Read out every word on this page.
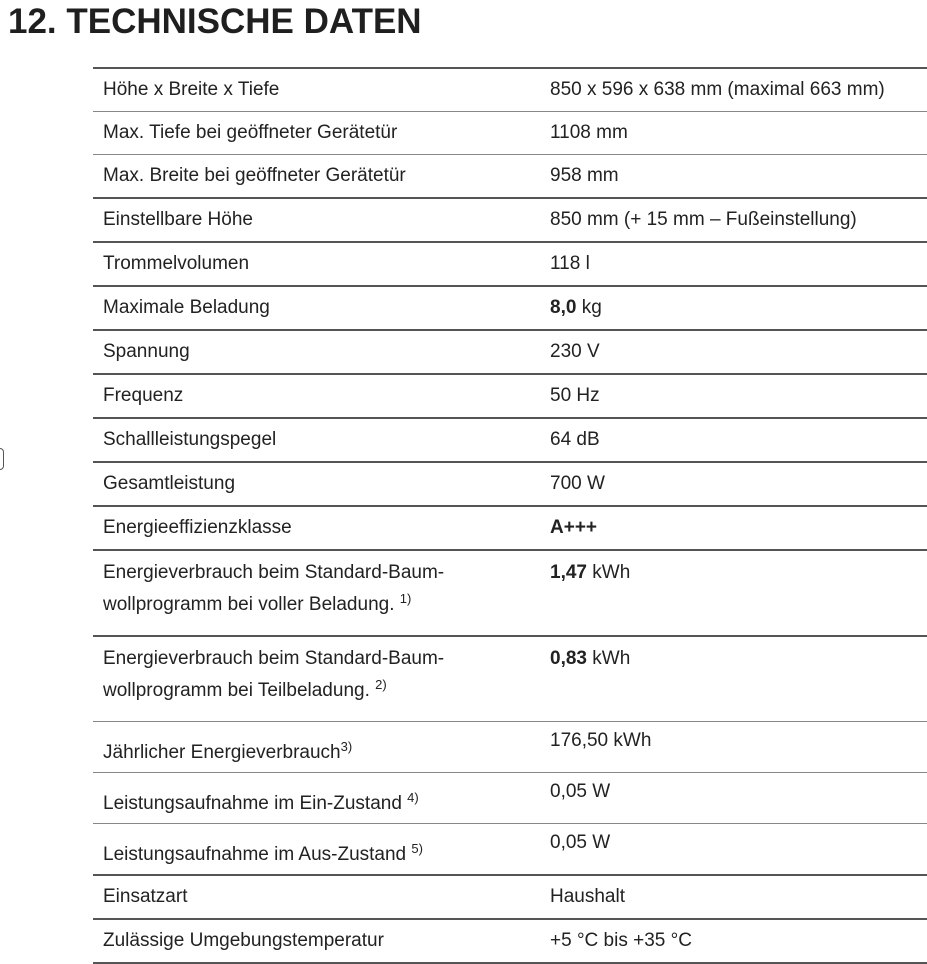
12. TECHNISCHE DATEN
Höhe x Breite x Tiefe	850 x 596 x 638 mm (maximal 663 mm)

Max. Tiefe bei geöffneter Gerätetür	1108 mm

Max. Breite bei geöffneter Gerätetür	958 mm

Einstellbare Höhe	850 mm (+ 15 mm – Fußeinstellung)

Trommelvolumen	118 l

Maximale Beladung	8,0 kg

Spannung	230 V

Frequenz	50 Hz

Schallleistungspegel	64 dB

Gesamtleistung	700 W

Energieeffizienzklasse	A+++

Energieverbrauch beim Standard-Baum-
wollprogramm bei voller Beladung. $^{1)}$	1,47 kWh

Energieverbrauch beim Standard-Baum-
wollprogramm bei Teilbeladung. $^{2)}$	0,83 kWh

Jährlicher Energieverbrauch$^{3)}$	176,50 kWh

Leistungsaufnahme im Ein-Zustand $^{4)}$	0,05 W

Leistungsaufnahme im Aus-Zustand $^{5)}$	0,05 W

Einsatzart	Haushalt

Zulässige Umgebungstemperatur	+5 °C bis +35 °C
